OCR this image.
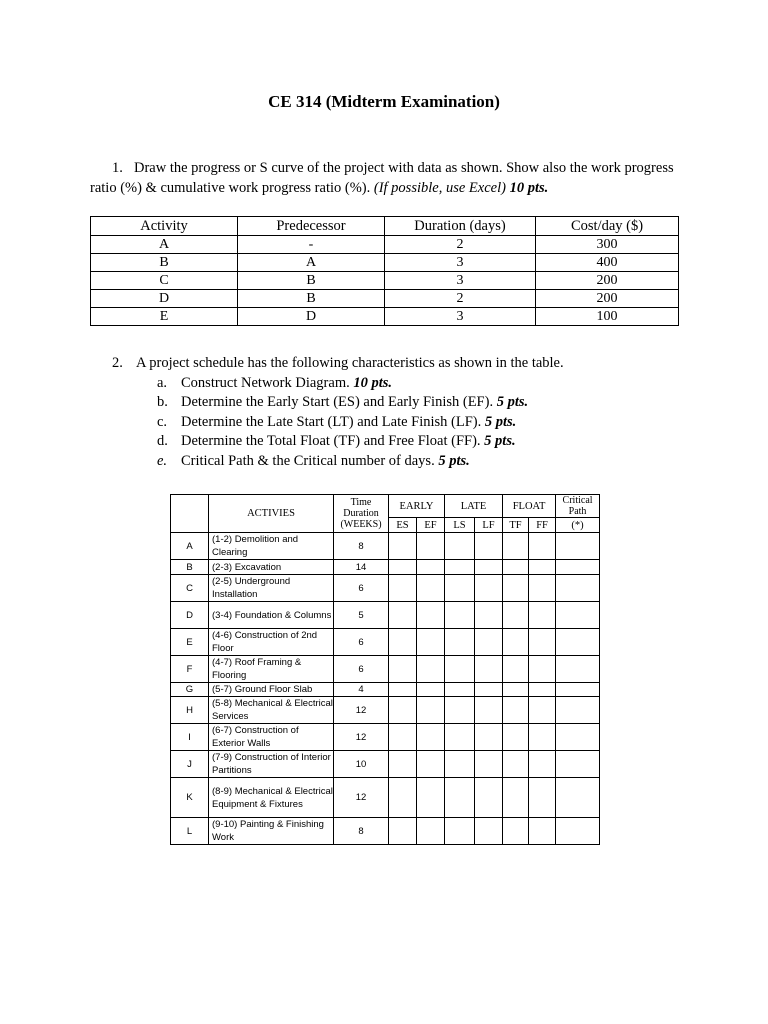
CE 314 (Midterm Examination)
1. Draw the progress or S curve of the project with data as shown. Show also the work progress ratio (%) & cumulative work progress ratio (%). (If possible, use Excel) 10 pts.
Activity	Predecessor	Duration (days)	Cost/day ($)
A	-	2	300
B	A	3	400
C	B	3	200
D	B	2	200
E	D	3	100
2. A project schedule has the following characteristics as shown in the table.
a. Construct Network Diagram. 10 pts.
b. Determine the Early Start (ES) and Early Finish (EF). 5 pts.
c. Determine the Late Start (LT) and Late Finish (LF). 5 pts.
d. Determine the Total Float (TF) and Free Float (FF). 5 pts.
e. Critical Path & the Critical number of days. 5 pts.
	ACTIVIES	Time Duration (WEEKS)	EARLY		LATE		FLOAT		Critical Path
			ES	EF	LS	LF	TF	FF	(*)
A	(1-2) Demolition and Clearing	8							
B	(2-3) Excavation	14							
C	(2-5) Underground Installation	6							
D	(3-4) Foundation & Columns	5							
E	(4-6) Construction of 2nd Floor	6							
F	(4-7) Roof Framing & Flooring	6							
G	(5-7) Ground Floor Slab	4							
H	(5-8) Mechanical & Electrical Services	12							
I	(6-7) Construction of Exterior Walls	12							
J	(7-9) Construction of Interior Partitions	10							
K	(8-9) Mechanical & Electrical Equipment & Fixtures	12							
L	(9-10) Painting & Finishing Work	8							
